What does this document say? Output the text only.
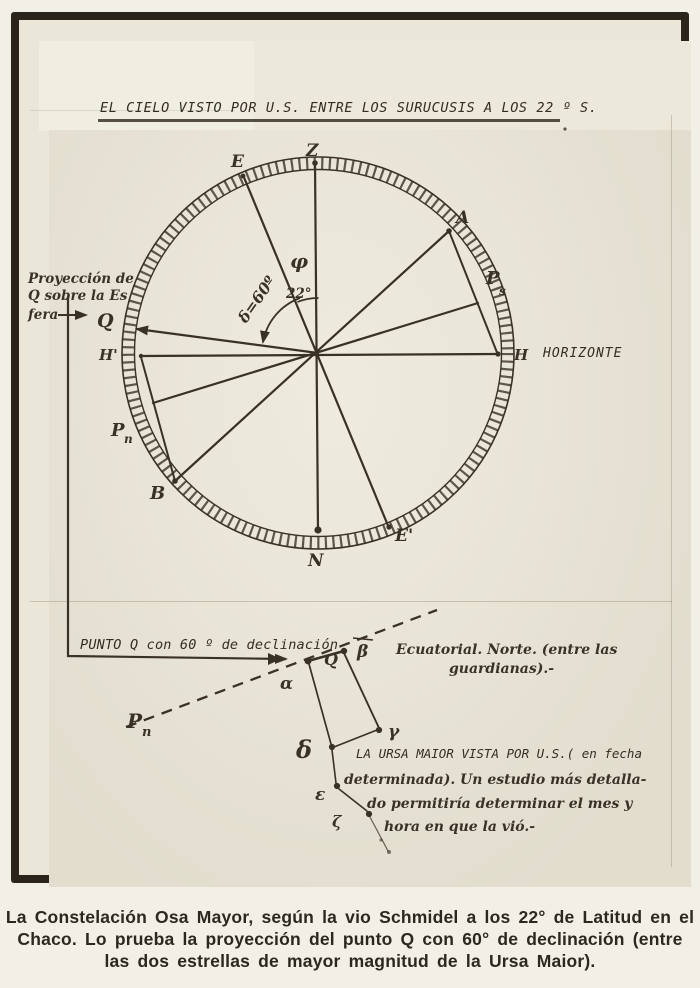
EL CIELO VISTO POR U.S. ENTRE LOS SURUCUSIS A LOS 22 º S.
Z
E
A
P
s
H HORIZONTE
H'
Q
P n
B
N
E'
φ
22°
δ=60º
Proyección de
Q sobre la Es
fera
PUNTO Q con 60 º de declinación	Ecuatorial. Norte. (entre las
guardianas).-
P n
α
Q β
γ
δ
ε
ζ
LA URSA MAIOR VISTA POR U.S.( en fecha
determinada). Un estudio más detalla-
do permitiría determinar el mes y
hora en que la vió.-
La Constelación Osa Mayor, según la vio Schmidel a los 22° de Latitud en el
Chaco. Lo prueba la proyección del punto Q con 60° de declinación (entre
las dos estrellas de mayor magnitud de la Ursa Maior).
